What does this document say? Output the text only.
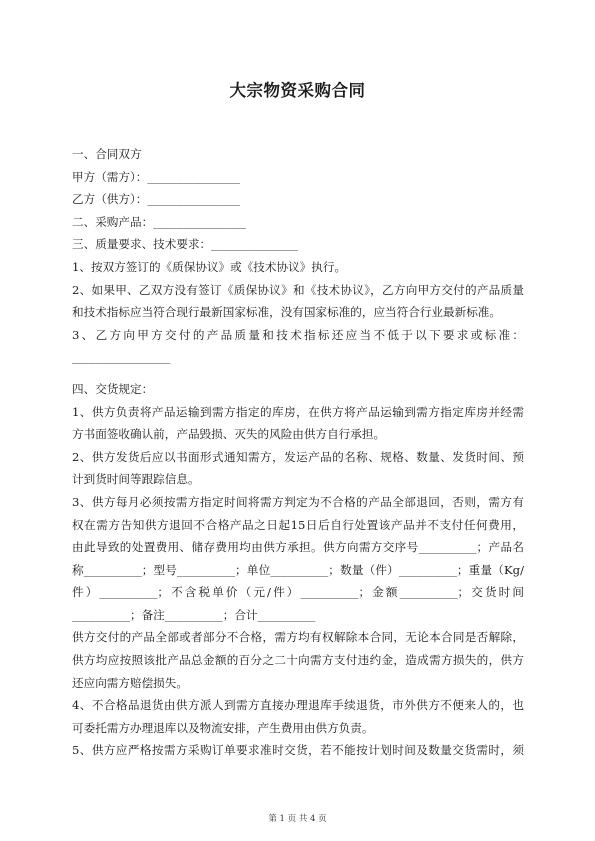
大宗物资采购合同
一、合同双方
甲方（需方）：________________
乙方（供方）：________________
二、采购产品：________________
三、质量要求、技术要求：_______________
1、按双方签订的《质保协议》或《技术协议》执行。
2、如果甲、乙双方没有签订《质保协议》和《技术协议》，乙方向甲方交付的产品质量
和技术指标应当符合现行最新国家标准，没有国家标准的，应当符合行业最新标准。
3、乙方向甲方交付的产品质量和技术指标还应当不低于以下要求或标准：
_________________
四、交货规定：
1、供方负责将产品运输到需方指定的库房，在供方将产品运输到需方指定库房并经需
方书面签收确认前，产品毁损、灭失的风险由供方自行承担。
2、供方发货后应以书面形式通知需方，发运产品的名称、规格、数量、发货时间、预
计到货时间等跟踪信息。
3、供方每月必须按需方指定时间将需方判定为不合格的产品全部退回，否则，需方有
权在需方告知供方退回不合格产品之日起15日后自行处置该产品并不支付任何费用，
由此导致的处置费用、储存费用均由供方承担。供方向需方交序号__________；产品名
称__________；型号__________；单位__________；数量（件）__________；重量（Kg/
件）__________；不含税单价（元/件）__________；金额__________；交货时间
__________；备注__________；合计__________
供方交付的产品全部或者部分不合格，需方均有权解除本合同，无论本合同是否解除，
供方均应按照该批产品总金额的百分之二十向需方支付违约金，造成需方损失的，供方
还应向需方赔偿损失。
4、不合格品退货由供方派人到需方直接办理退库手续退货，市外供方不便来人的，也
可委托需方办理退库以及物流安排，产生费用由供方负责。
5、供方应严格按需方采购订单要求准时交货，若不能按计划时间及数量交货需时，须
第 1 页 共 4 页
